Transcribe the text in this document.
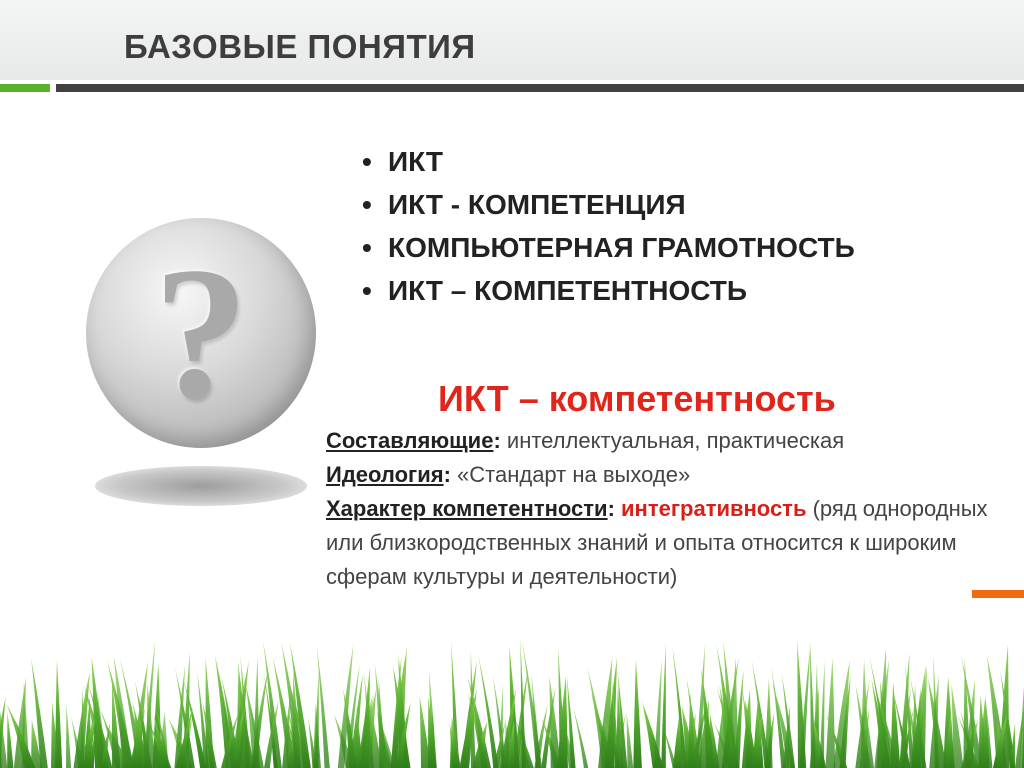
БАЗОВЫЕ ПОНЯТИЯ
• ИКТ
• ИКТ - КОМПЕТЕНЦИЯ
• КОМПЬЮТЕРНАЯ ГРАМОТНОСТЬ
• ИКТ – КОМПЕТЕНТНОСТЬ
?	ИКТ – компетентность
Составляющие: интеллектуальная, практическая
Идеология: «Стандарт на выходе»
Характер компетентности: интегративность (ряд однородных или близкородственных знаний и опыта относится к широким сферам культуры и деятельности)
